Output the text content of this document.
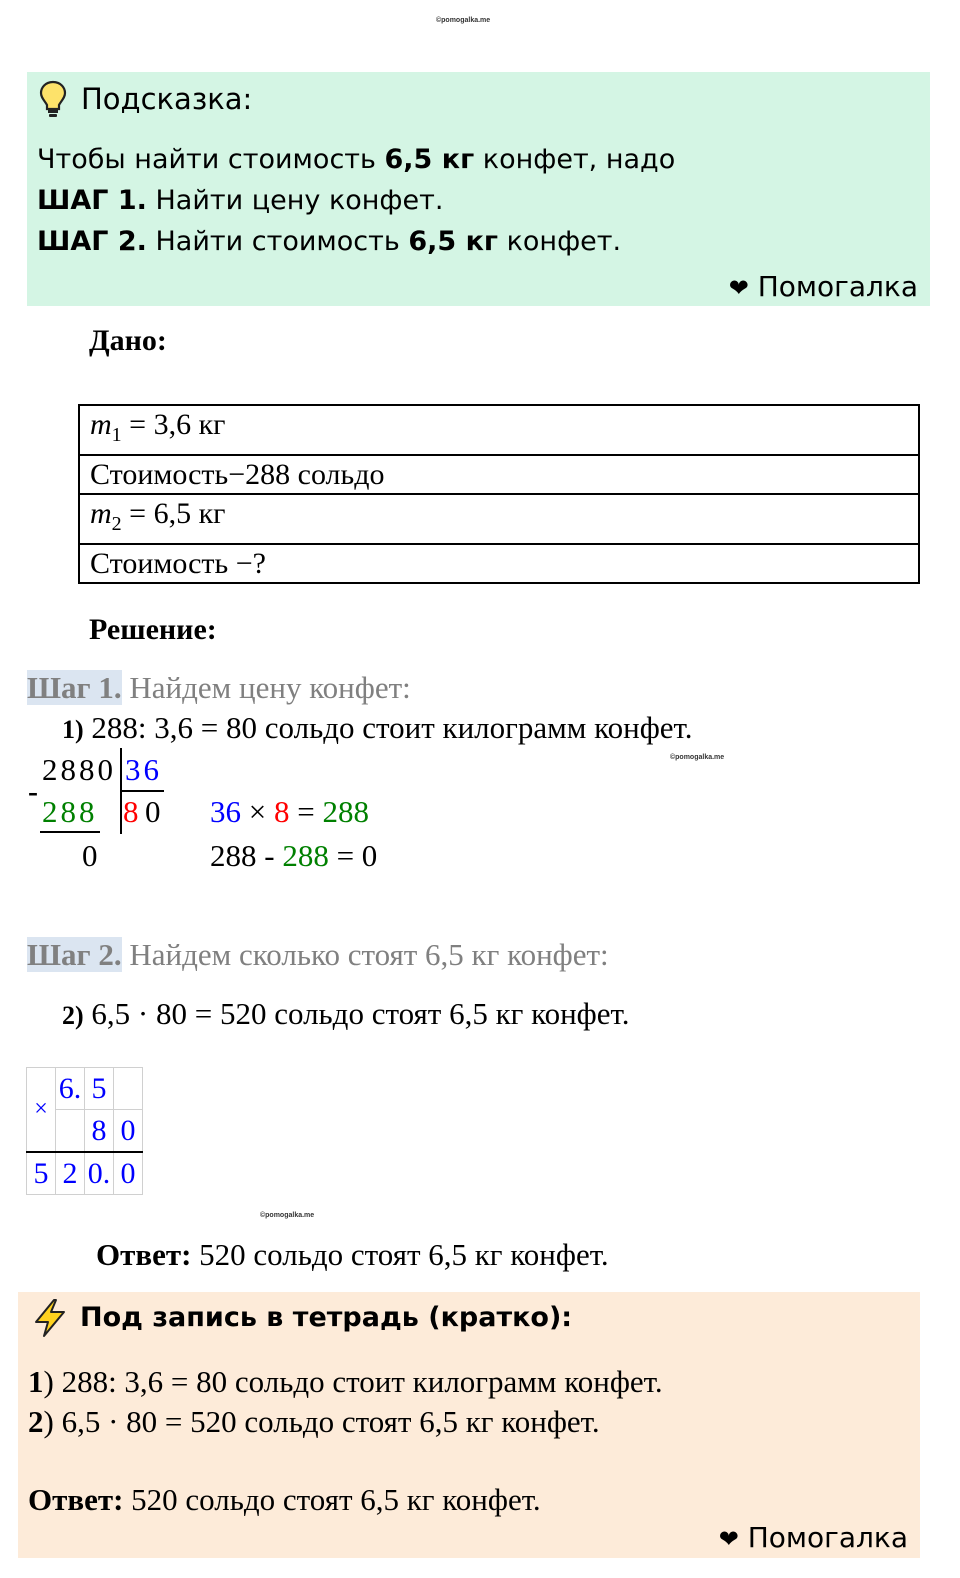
©pomogalka.me
Подсказка:
Чтобы найти стоимость 6,5 кг конфет, надо
ШАГ 1. Найти цену конфет.
ШАГ 2. Найти стоимость 6,5 кг конфет.
❤ Помогалка
Дано:
$m_1 = 3,6$ кг
Стоимость−288 сольдо
$m_2 = 6,5$ кг
Стоимость −?
Решение:
Шаг 1. Найдем цену конфет:
1) 288: 3,6 = 80 сольдо стоит килограмм конфет.
©pomogalka.me
2880 36
-
288 8 0
0
36 × 8 = 288
288 - 288 = 0
Шаг 2. Найдем сколько стоят 6,5 кг конфет:
2) 6,5 · 80 = 520 сольдо стоят 6,5 кг конфет.
×	6.	5	
		8	0
5	2	0.	0
©pomogalka.me
Ответ: 520 сольдо стоят 6,5 кг конфет.
Под запись в тетрадь (кратко):
1) 288: 3,6 = 80 сольдо стоит килограмм конфет.
2) 6,5 · 80 = 520 сольдо стоят 6,5 кг конфет.
Ответ: 520 сольдо стоят 6,5 кг конфет.
❤ Помогалка
